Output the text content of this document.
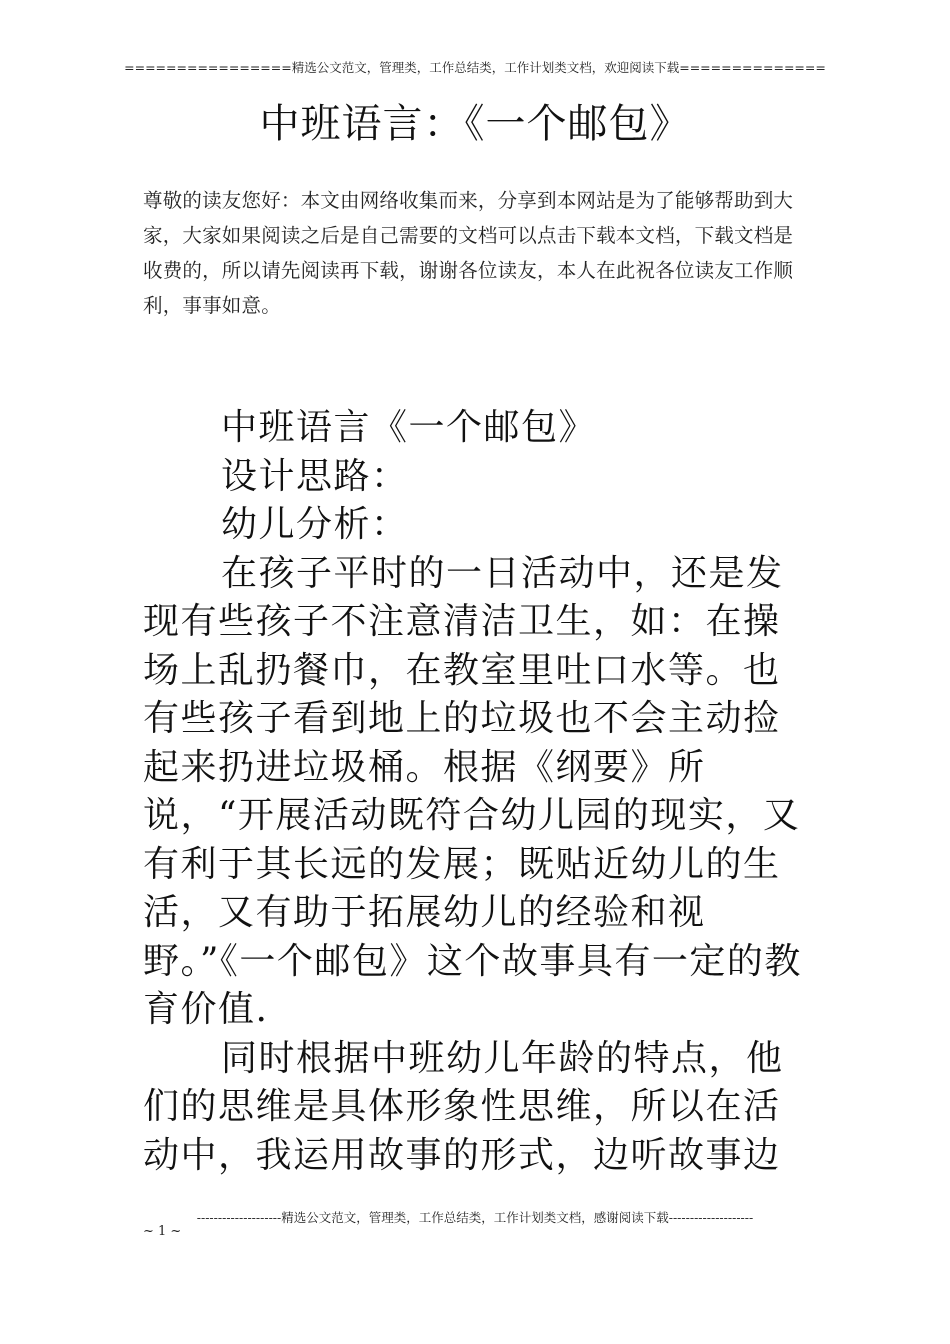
================精选公文范文，管理类，工作总结类，工作计划类文档，欢迎阅读下载==============
中班语言：《一个邮包》
尊敬的读友您好：本文由网络收集而来，分享到本网站是为了能够帮助到大家，大家如果阅读之后是自己需要的文档可以点击下载本文档，下载文档是收费的，所以请先阅读再下载，谢谢各位读友，本人在此祝各位读友工作顺利，事事如意。

中班语言《一个邮包》

设计思路：

幼儿分析：

在孩子平时的一日活动中，还是发现有些孩子不注意清洁卫生，如：在操场上乱扔餐巾，在教室里吐口水等。也有些孩子看到地上的垃圾也不会主动捡起来扔进垃圾桶。根据《纲要》所说，“开展活动既符合幼儿园的现实，又有利于其长远的发展；既贴近幼儿的生活，又有助于拓展幼儿的经验和视野。”《一个邮包》这个故事具有一定的教育价值.

同时根据中班幼儿年龄的特点，他们的思维是具体形象性思维，所以在活动中，我运用故事的形式，边听故事边

--------------------精选公文范文，管理类，工作总结类，工作计划类文档，感谢阅读下载--------------------
~ 1 ~
